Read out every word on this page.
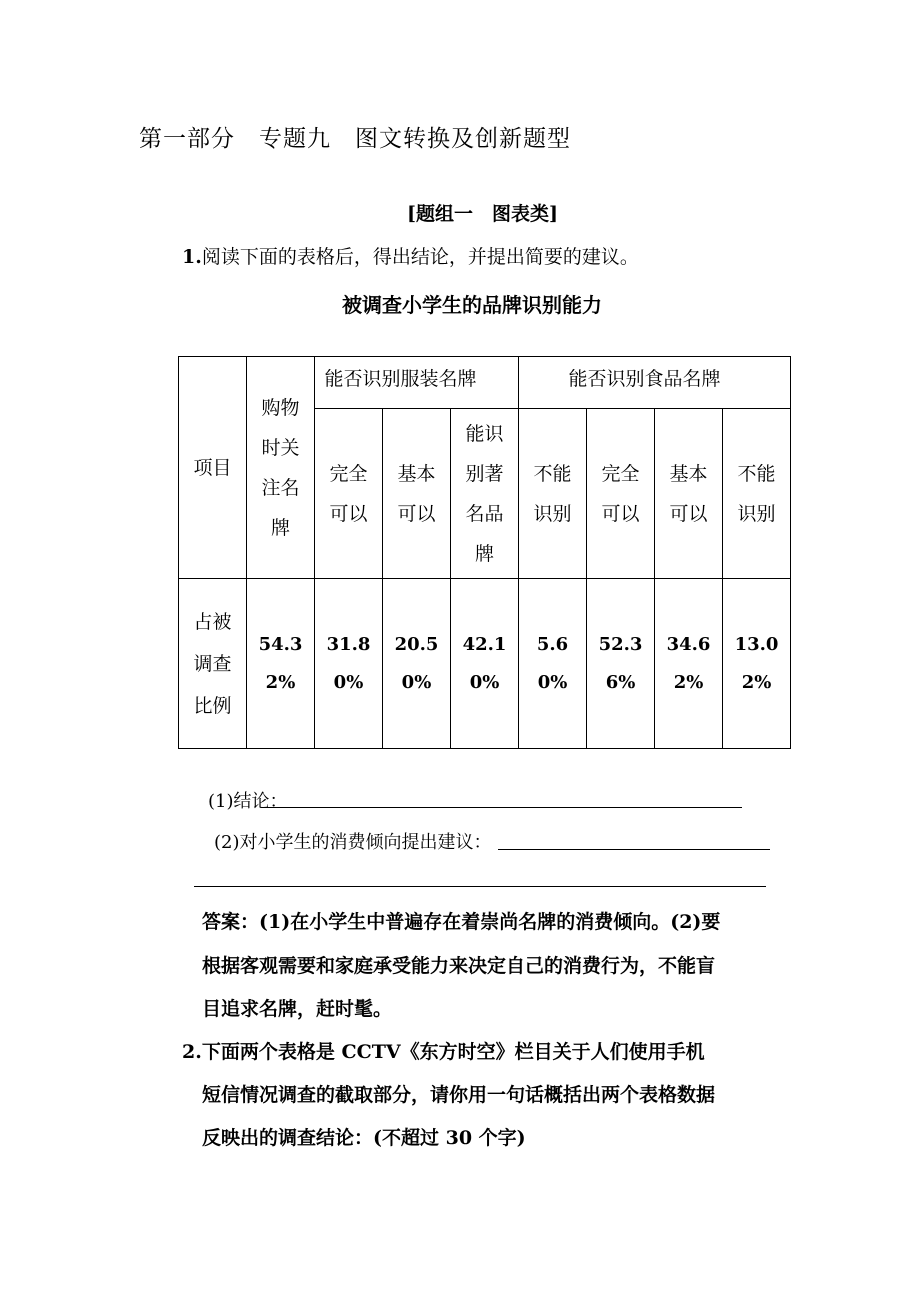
第一部分　专题九　图文转换及创新题型
[题组一　图表类]
1.阅读下面的表格后，得出结论，并提出简要的建议。
被调查小学生的品牌识别能力
项目	购物时关注名牌	能否识别服装名牌			能否识别食品名牌			
		完全可以	基本可以	能识别著名品牌	不能识别	完全可以	基本可以	不能识别
占被调查比例	54.32%	31.80%	20.50%	42.10%	5.60%	52.36%	34.62%	13.02%
(1)结论：
(2)对小学生的消费倾向提出建议：
答案：(1)在小学生中普遍存在着崇尚名牌的消费倾向。(2)要
根据客观需要和家庭承受能力来决定自己的消费行为，不能盲
目追求名牌，赶时髦。
2.下面两个表格是 CCTV《东方时空》栏目关于人们使用手机
短信情况调查的截取部分，请你用一句话概括出两个表格数据
反映出的调查结论：(不超过 30 个字)
